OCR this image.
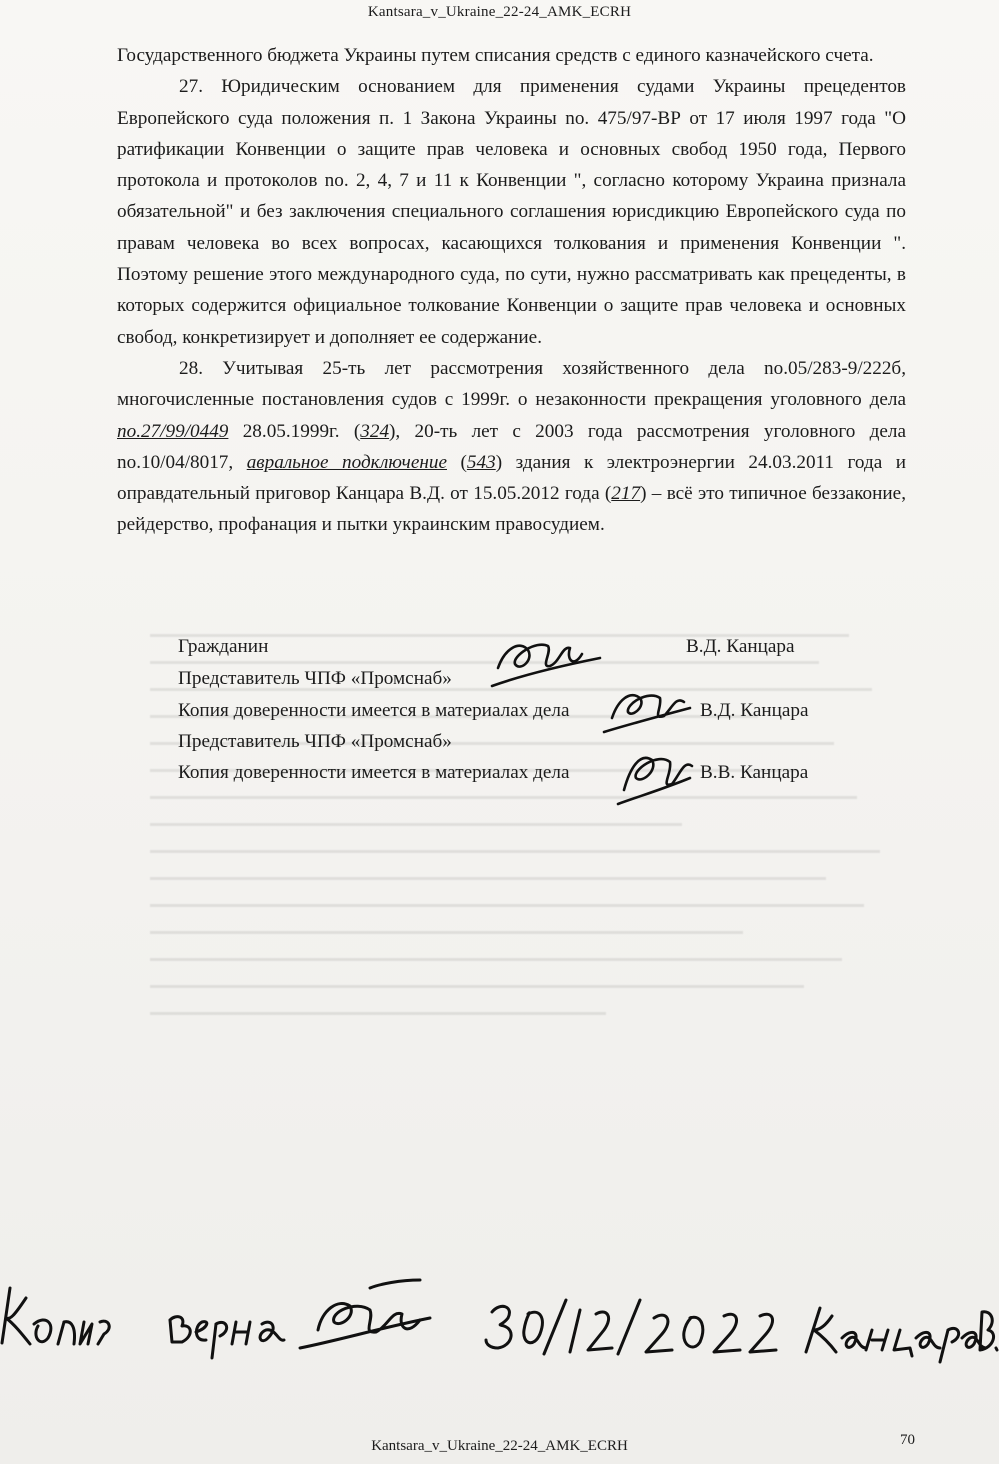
Kantsara_v_Ukraine_22-24_AMK_ECRH

Государственного бюджета Украины путем списания средств с единого казначейского счета.

27. Юридическим основанием для применения судами Украины прецедентов Европейского суда положения п. 1 Закона Украины no. 475/97-ВР от 17 июля 1997 года "О ратификации Конвенции о защите прав человека и основных свобод 1950 года, Первого протокола и протоколов no. 2, 4, 7 и 11 к Конвенции ", согласно которому Украина признала обязательной" и без заключения специального соглашения юрисдикцию Европейского суда по правам человека во всех вопросах, касающихся толкования и применения Конвенции ". Поэтому решение этого международного суда, по сути, нужно рассматривать как прецеденты, в которых содержится официальное толкование Конвенции о защите прав человека и основных свобод, конкретизирует и дополняет ее содержание.

28. Учитывая 25-ть лет рассмотрения хозяйственного дела no.05/283-9/222б, многочисленные постановления судов с 1999г. о незаконности прекращения уголовного дела по.27/99/0449 28.05.1999г. (324), 20-ть лет с 2003 года рассмотрения уголовного дела no.10/04/8017, авральное подключение (543) здания к электроэнергии 24.03.2011 года и оправдательный приговор Канцара В.Д. от 15.05.2012 года (217) – всё это типичное беззаконие, рейдерство, профанация и пытки украинским правосудием.

Гражданин	В.Д. Канцара
Представитель ЧПФ «Промснаб»
Копия доверенности имеется в материалах дела	В.Д. Канцара
Представитель ЧПФ «Промснаб»
Копия доверенности имеется в материалах дела	В.В. Канцара
Kantsara_v_Ukraine_22-24_AMK_ECRH	70
